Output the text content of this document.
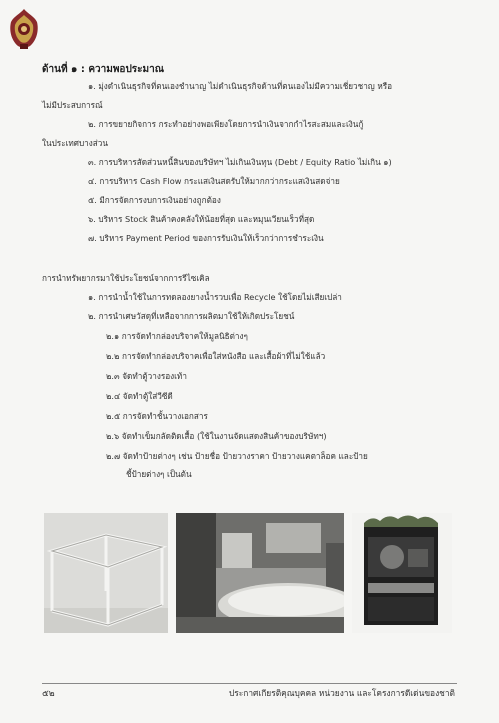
ด้านที่ ๑ : ความพอประมาณ
๑. มุ่งดำเนินธุรกิจที่ตนเองชำนาญ ไม่ดำเนินธุรกิจด้านที่ตนเองไม่มีความเชี่ยวชาญ หรือ
ไม่มีประสบการณ์
๒. การขยายกิจการ กระทำอย่างพอเพียงโดยการนำเงินจากกำไรสะสมและเงินกู้
ในประเทศบางส่วน
๓. การบริหารสัดส่วนหนี้สินของบริษัทฯ ไม่เกินเงินทุน (Debt / Equity Ratio ไม่เกิน ๑)
๔. การบริหาร Cash Flow กระแสเงินสดรับให้มากกว่ากระแสเงินสดจ่าย
๕. มีการจัดการงบการเงินอย่างถูกต้อง
๖. บริหาร Stock สินค้าคงคลังให้น้อยที่สุด และหมุนเวียนเร็วที่สุด
๗. บริหาร Payment Period ของการรับเงินให้เร็วกว่าการชำระเงิน
การนำทรัพยากรมาใช้ประโยชน์จากการรีไซเคิล
๑. การนำน้ำใช้ในการทดลองยางน้ำรวบเพื่อ Recycle ใช้โดยไม่เสียเปล่า
๒. การนำเศษวัสดุที่เหลือจากการผลิตมาใช้ให้เกิดประโยชน์
๒.๑ การจัดทำกล่องบริจาคให้มูลนิธิต่างๆ
๒.๒ การจัดทำกล่องบริจาคเพื่อใส่หนังสือ และเสื้อผ้าที่ไม่ใช้แล้ว
๒.๓ จัดทำตู้วางรองเท้า
๒.๔ จัดทำตู้ใส่วีซีดี
๒.๕ การจัดทำชั้นวางเอกสาร
๒.๖ จัดทำเข็มกลัดติดเสื้อ (ใช้ในงานจัดแสดงสินค้าของบริษัทฯ)
๒.๗ จัดทำป้ายต่างๆ เช่น ป้ายชื่อ ป้ายวางราคา ป้ายวางแคตาล็อค และป้าย
ชี้ป้ายต่างๆ เป็นต้น
๕๒	ประกาศเกียรติคุณบุคคล หน่วยงาน และโครงการดีเด่นของชาติ
